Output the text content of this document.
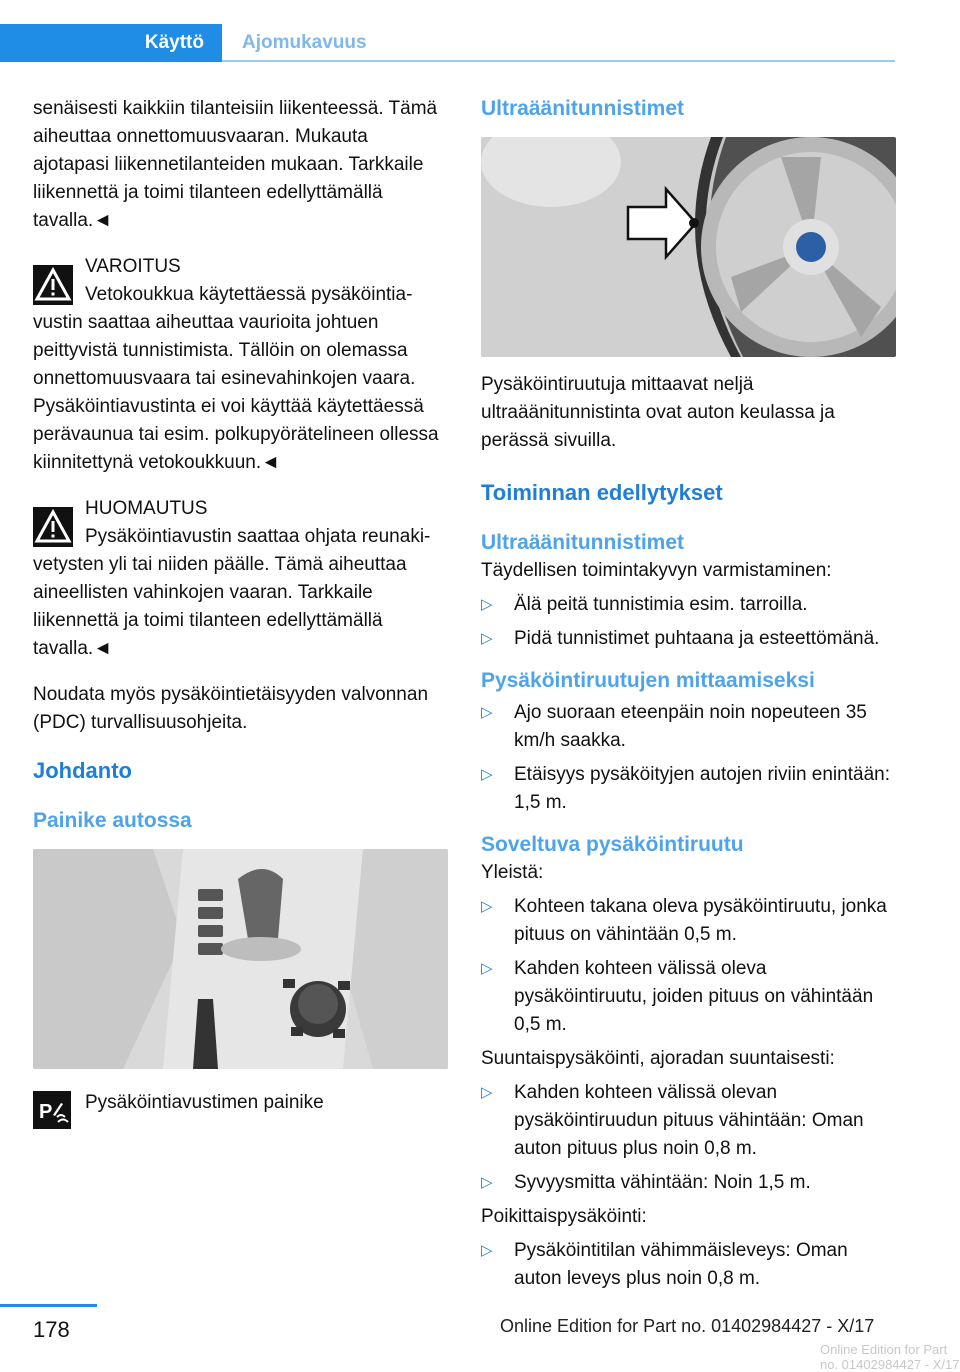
Käyttö	Ajomukavuus

senäisesti kaikkiin tilanteisiin liikenteessä. Tämä aiheuttaa onnettomuusvaaran. Mukauta ajotapasi liikennetilanteiden mukaan. Tarkkaile liikennettä ja toimi tilanteen edellyttämällä tavalla.◄

VAROITUS

Vetokoukkua käytettäessä pysäköintia-

vustin saattaa aiheuttaa vaurioita johtuen peittyvistä tunnistimista. Tällöin on olemassa onnettomuusvaara tai esinevahinkojen vaara. Pysäköintiavustinta ei voi käyttää käytettäessä perävaunua tai esim. polkupyörätelineen ollessa kiinnitettynä vetokoukkuun.◄

HUOMAUTUS

Pysäköintiavustin saattaa ohjata reunaki-

vetysten yli tai niiden päälle. Tämä aiheuttaa aineellisten vahinkojen vaaran. Tarkkaile liikennettä ja toimi tilanteen edellyttämällä tavalla.◄

Noudata myös pysäköintietäisyyden valvonnan (PDC) turvallisuusohjeita.

Johdanto
Painike autossa
P Pysäköintiavustimen painike

Ultraäänitunnistimet

Pysäköintiruutuja mittaavat neljä ultraäänitunnistinta ovat auton keulassa ja perässä sivuilla.

Toiminnan edellytykset
Ultraäänitunnistimet

Täydellisen toimintakyvyn varmistaminen:

▷ Älä peitä tunnistimia esim. tarroilla.
▷ Pidä tunnistimet puhtaana ja esteettömänä.
Pysäköintiruutujen mittaamiseksi
▷ Ajo suoraan eteenpäin noin nopeuteen 35 km/h saakka.
▷ Etäisyys pysäköityjen autojen riviin enintään: 1,5 m.
Soveltuva pysäköintiruutu

Yleistä:

▷ Kohteen takana oleva pysäköintiruutu, jonka pituus on vähintään 0,5 m.
▷ Kahden kohteen välissä oleva pysäköintiruutu, joiden pituus on vähintään 0,5 m.

Suuntaispysäköinti, ajoradan suuntaisesti:

▷ Kahden kohteen välissä olevan pysäköintiruudun pituus vähintään: Oman auton pituus plus noin 0,8 m.
▷ Syvyysmitta vähintään: Noin 1,5 m.

Poikittaispysäköinti:

▷ Pysäköintitilan vähimmäisleveys: Oman auton leveys plus noin 0,8 m.
178	Online Edition for Part no. 01402984427 - X/17
Online Edition for Part no. 01402984427 - X/17
